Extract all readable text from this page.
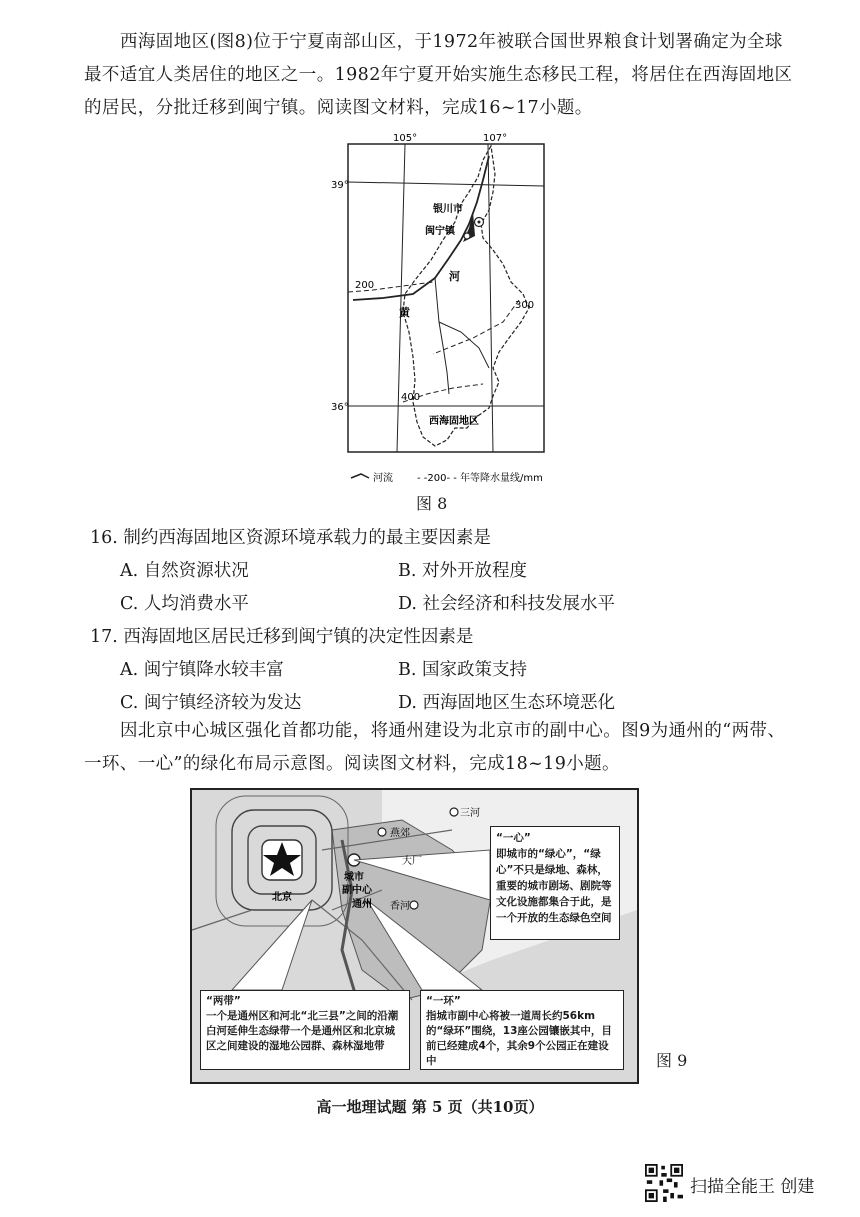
西海固地区(图8)位于宁夏南部山区，于1972年被联合国世界粮食计划署确定为全球最不适宜人类居住的地区之一。1982年宁夏开始实施生态移民工程，将居住在西海固地区的居民，分批迁移到闽宁镇。阅读图文材料，完成16~17小题。
105°	107°
39°
36°
200
300
400
银川市
闽宁镇
河
黄
西海固地区
河流 - -200- - 年等降水量线/mm
图 8
16. 制约西海固地区资源环境承载力的最主要因素是
A. 自然资源状况	B. 对外开放程度
C. 人均消费水平	D. 社会经济和科技发展水平
17. 西海固地区居民迁移到闽宁镇的决定性因素是
A. 闽宁镇降水较丰富	B. 国家政策支持
C. 闽宁镇经济较为发达	D. 西海固地区生态环境恶化
因北京中心城区强化首都功能，将通州建设为北京市的副中心。图9为通州的“两带、一环、一心”的绿化布局示意图。阅读图文材料，完成18~19小题。
北京
燕郊
三河
大厂
香河
城市
副中心
通州
“一心”
即城市的“绿心”，“绿心”不只是绿地、森林，重要的城市剧场、剧院等文化设施都集合于此，是一个开放的生态绿色空间
“两带”
一个是通州区和河北“北三县”之间的沿潮白河延伸生态绿带一个是通州区和北京城区之间建设的湿地公园群、森林湿地带
“一环”
指城市副中心将被一道周长约56km的“绿环”围绕，13座公园镶嵌其中，目前已经建成4个，其余9个公园正在建设中	图 9
高一地理试题 第 5 页（共10页）
扫描全能王 创建
